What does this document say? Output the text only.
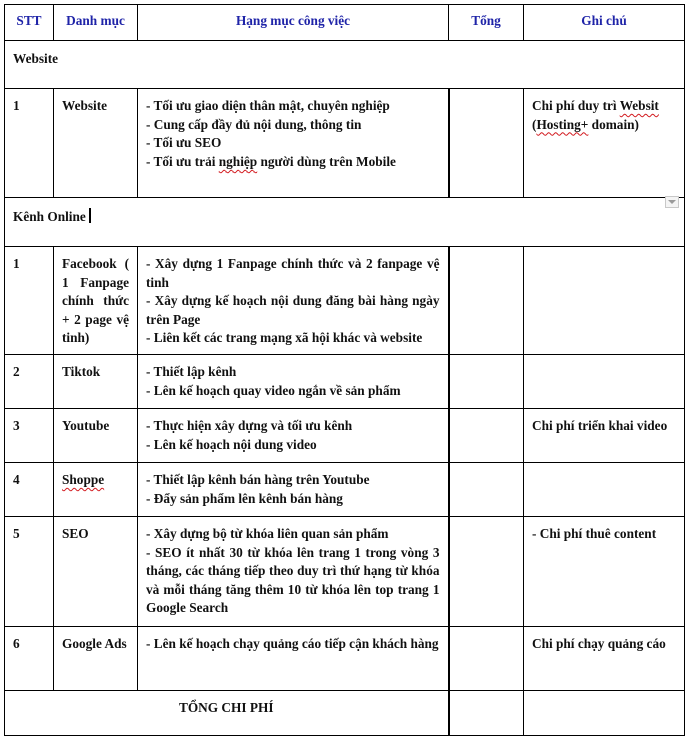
STT	Danh mục	Hạng mục công việc	Tổng	Ghi chú
Website				
1	Website	- Tối ưu giao diện thân mật, chuyên nghiệp
- Cung cấp đầy đủ nội dung, thông tin
- Tối ưu SEO
- Tối ưu trải nghiệp người dùng trên Mobile		Chi phí duy trì Websit (Hosting+ domain)
Kênh Online				
1	Facebook ( 1 Fanpage chính thức + 2 page vệ tinh)	- Xây dựng 1 Fanpage chính thức và 2 fanpage vệ tinh
- Xây dựng kế hoạch nội dung đăng bài hàng ngày trên Page
- Liên kết các trang mạng xã hội khác và website		

2	Tiktok	- Thiết lập kênh
- Lên kế hoạch quay video ngắn về sản phẩm		

3	Youtube	- Thực hiện xây dựng và tối ưu kênh
- Lên kế hoạch nội dung video		Chi phí triển khai video
4	Shoppe	- Thiết lập kênh bán hàng trên Youtube
- Đẩy sản phẩm lên kênh bán hàng		

5	SEO	- Xây dựng bộ từ khóa liên quan sản phẩm
- SEO ít nhất 30 từ khóa lên trang 1 trong vòng 3 tháng, các tháng tiếp theo duy trì thứ hạng từ khóa và mỗi tháng tăng thêm 10 từ khóa lên top trang 1 Google Search		- Chi phí thuê content
6	Google Ads	- Lên kế hoạch chạy quảng cáo tiếp cận khách hàng		Chi phí chạy quảng cáo
TỔNG CHI PHÍ				
